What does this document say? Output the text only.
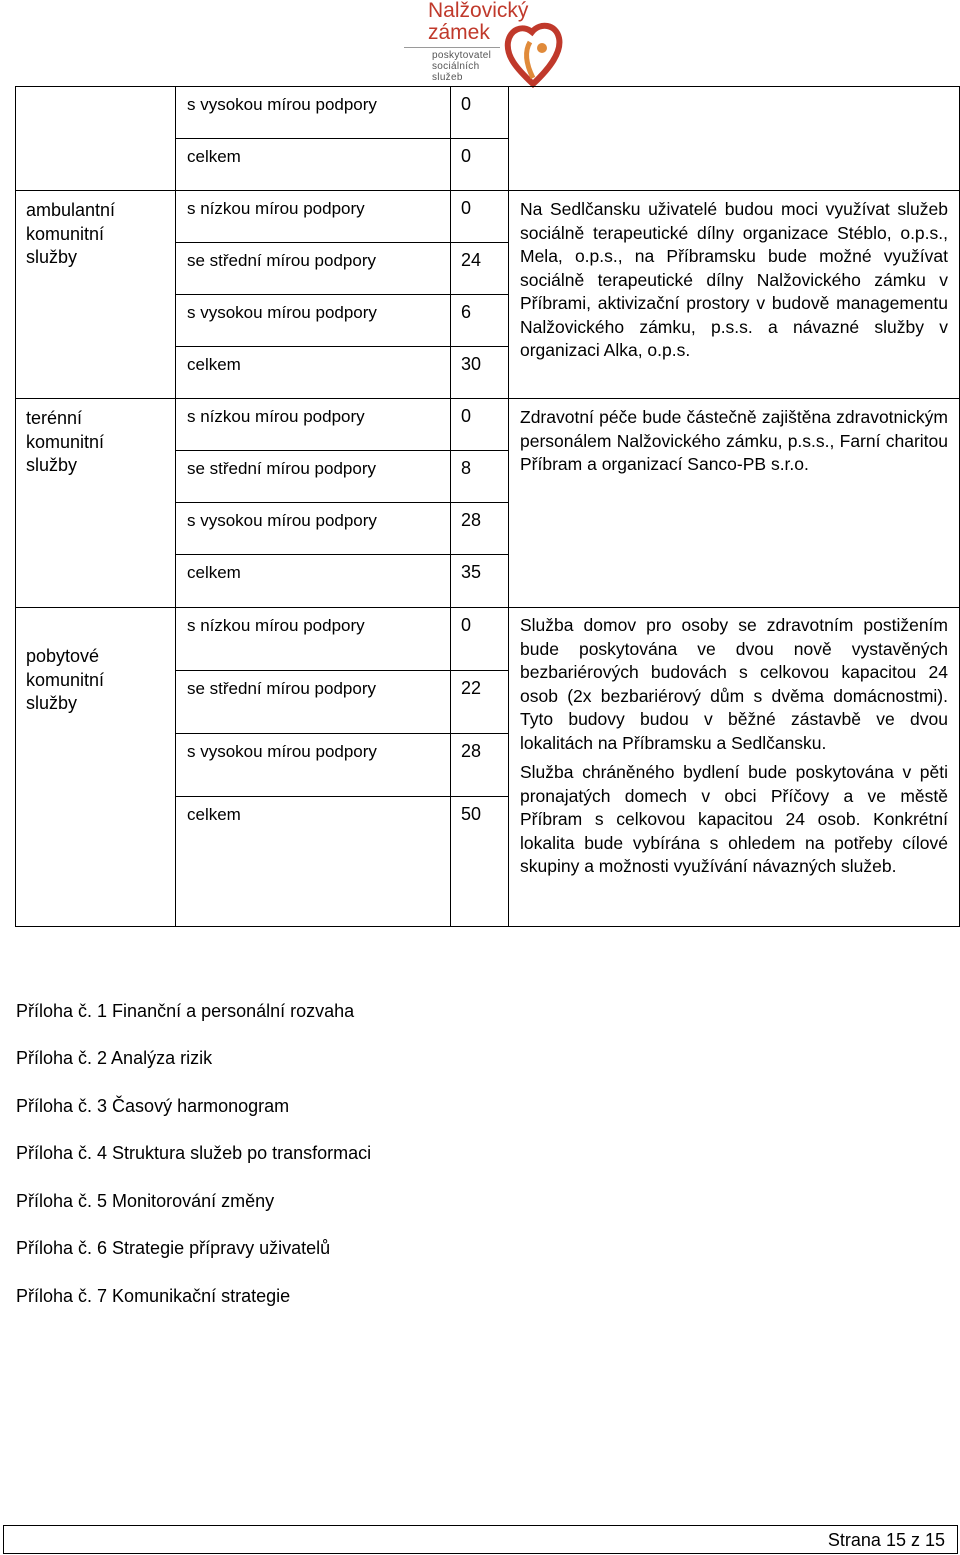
Nalžovický
zámek
poskytovatel
sociálních
služeb
s vysokou mírou podpory	0
celkem	0
ambulantní
komunitní
služby
s nízkou mírou podpory	0
se střední mírou podpory	24
s vysokou mírou podpory	6
celkem	30
Na Sedlčansku uživatelé budou moci využívat služeb sociálně terapeutické dílny organizace Stéblo, o.p.s., Mela, o.p.s., na Příbramsku bude možné využívat sociálně terapeutické dílny Nalžovického zámku v Příbrami, aktivizační prostory v budově managementu Nalžovického zámku, p.s.s. a návazné služby v organizaci Alka, o.p.s.
terénní
komunitní
služby
s nízkou mírou podpory	0
se střední mírou podpory	8
s vysokou mírou podpory	28
celkem	35
Zdravotní péče bude částečně zajištěna zdravotnickým personálem Nalžovického zámku, p.s.s., Farní charitou Příbram a organizací Sanco-PB s.r.o.
pobytové
komunitní
služby
s nízkou mírou podpory	0
se střední mírou podpory	22
s vysokou mírou podpory	28
celkem	50

Služba domov pro osoby se zdravotním postižením bude poskytována ve dvou nově vystavěných bezbariérových budovách s celkovou kapacitou 24 osob (2x bezbariérový dům s dvěma domácnostmi). Tyto budovy budou v běžné zástavbě ve dvou lokalitách na Příbramsku a Sedlčansku.

Služba chráněného bydlení bude poskytována v pěti pronajatých domech v obci Příčovy a ve městě Příbram s celkovou kapacitou 24 osob. Konkrétní lokalita bude vybírána s ohledem na potřeby cílové skupiny a možnosti využívání návazných služeb.

Příloha č. 1 Finanční a personální rozvaha
Příloha č. 2 Analýza rizik
Příloha č. 3 Časový harmonogram
Příloha č. 4 Struktura služeb po transformaci
Příloha č. 5 Monitorování změny
Příloha č. 6 Strategie přípravy uživatelů
Příloha č. 7 Komunikační strategie
Strana 15 z 15
